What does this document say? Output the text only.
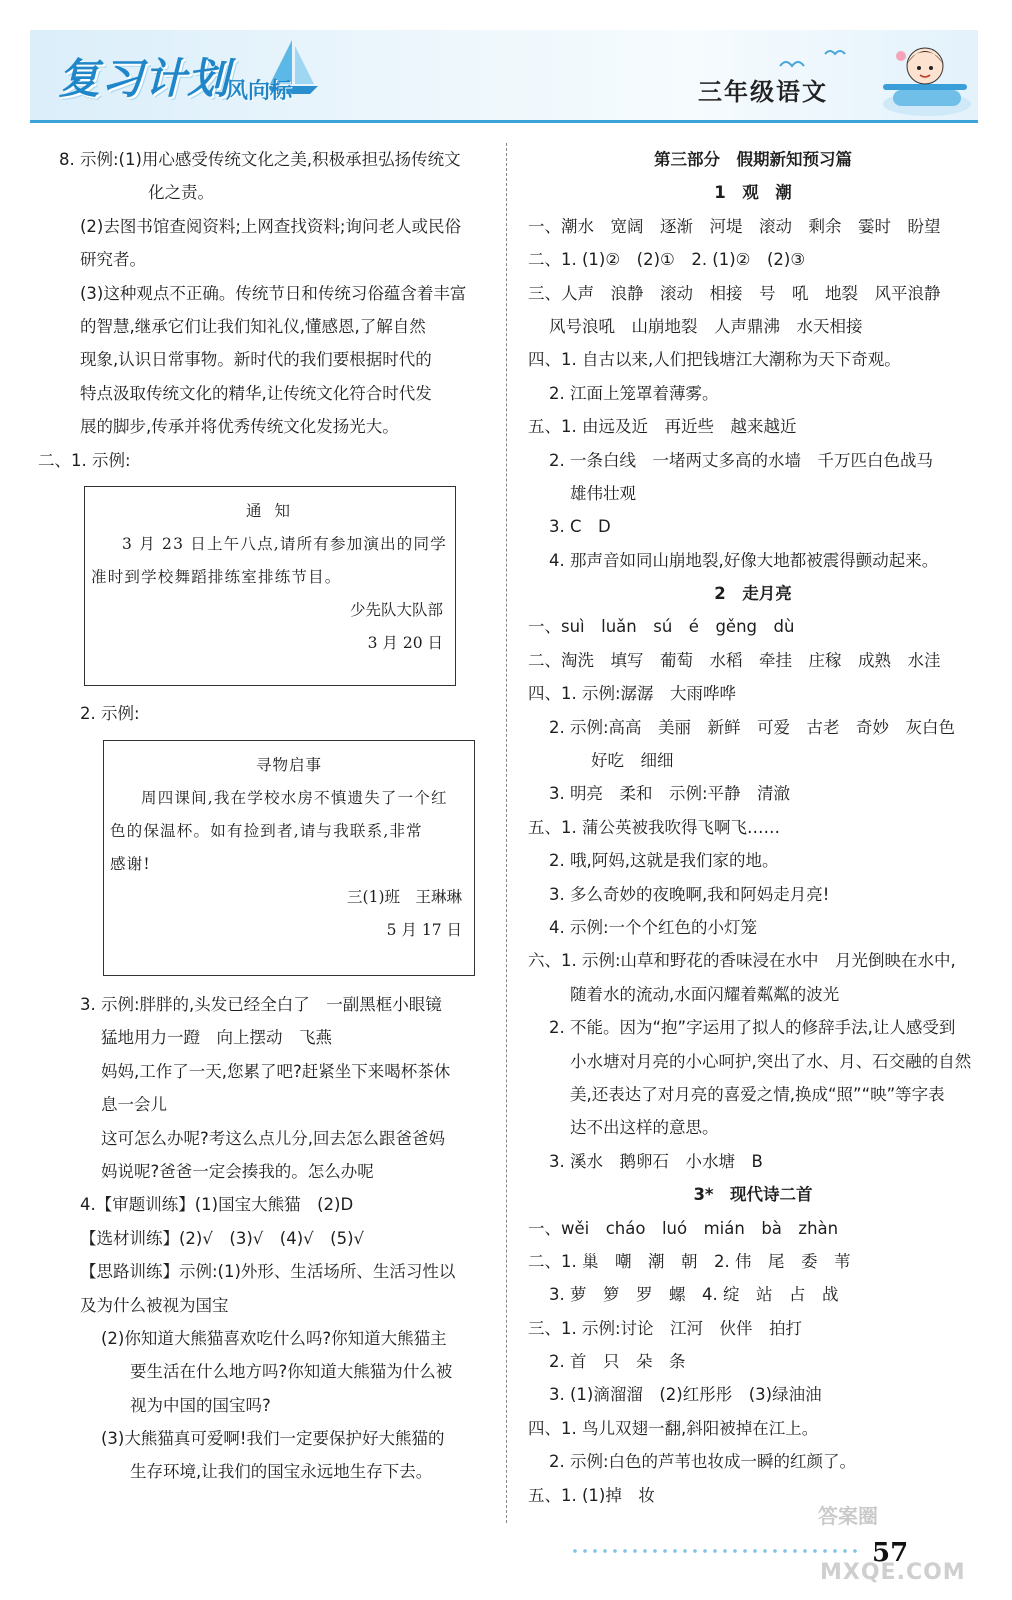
复习计划
风向标	三年级语文
8. 示例:(1)用心感受传统文化之美,积极承担弘扬传统文
化之责。
(2)去图书馆查阅资料;上网查找资料;询问老人或民俗
研究者。
(3)这种观点不正确。传统节日和传统习俗蕴含着丰富
的智慧,继承它们让我们知礼仪,懂感恩,了解自然
现象,认识日常事物。新时代的我们要根据时代的
特点汲取传统文化的精华,让传统文化符合时代发
展的脚步,传承并将优秀传统文化发扬光大。
二、1. 示例:
通 知
3 月 23 日上午八点,请所有参加演出的同学
准时到学校舞蹈排练室排练节目。
少先队大队部
3 月 20 日
2. 示例:
寻物启事
周四课间,我在学校水房不慎遗失了一个红
色的保温杯。如有捡到者,请与我联系,非常
感谢!
三(1)班　王琳琳
5 月 17 日
3. 示例:胖胖的,头发已经全白了　一副黑框小眼镜
猛地用力一蹬　向上摆动　飞燕
妈妈,工作了一天,您累了吧?赶紧坐下来喝杯茶休
息一会儿
这可怎么办呢?考这么点儿分,回去怎么跟爸爸妈
妈说呢?爸爸一定会揍我的。怎么办呢
4.【审题训练】(1)国宝大熊猫　(2)D
【选材训练】(2)√　(3)√　(4)√　(5)√
【思路训练】示例:(1)外形、生活场所、生活习性以
及为什么被视为国宝
(2)你知道大熊猫喜欢吃什么吗?你知道大熊猫主
要生活在什么地方吗?你知道大熊猫为什么被
视为中国的国宝吗?
(3)大熊猫真可爱啊!我们一定要保护好大熊猫的
生存环境,让我们的国宝永远地生存下去。
第三部分　假期新知预习篇
1　观　潮
一、潮水　宽阔　逐渐　河堤　滚动　剩余　霎时　盼望
二、1. (1)②　(2)①　2. (1)②　(2)③
三、人声　浪静　滚动　相接　号　吼　地裂　风平浪静
风号浪吼　山崩地裂　人声鼎沸　水天相接
四、1. 自古以来,人们把钱塘江大潮称为天下奇观。
2. 江面上笼罩着薄雾。
五、1. 由远及近　再近些　越来越近
2. 一条白线　一堵两丈多高的水墙　千万匹白色战马
雄伟壮观
3. C　D
4. 那声音如同山崩地裂,好像大地都被震得颤动起来。
2　走月亮
一、suì　luǎn　sú　é　gěng　dù
二、淘洗　填写　葡萄　水稻　牵挂　庄稼　成熟　水洼
四、1. 示例:潺潺　大雨哗哗
2. 示例:高高　美丽　新鲜　可爱　古老　奇妙　灰白色
好吃　细细
3. 明亮　柔和　示例:平静　清澈
五、1. 蒲公英被我吹得飞啊飞……
2. 哦,阿妈,这就是我们家的地。
3. 多么奇妙的夜晚啊,我和阿妈走月亮!
4. 示例:一个个红色的小灯笼
六、1. 示例:山草和野花的香味浸在水中　月光倒映在水中,
随着水的流动,水面闪耀着粼粼的波光
2. 不能。因为“抱”字运用了拟人的修辞手法,让人感受到
小水塘对月亮的小心呵护,突出了水、月、石交融的自然
美,还表达了对月亮的喜爱之情,换成“照”“映”等字表
达不出这样的意思。
3. 溪水　鹅卵石　小水塘　B
3*　现代诗二首
一、wěi　cháo　luó　mián　bà　zhàn
二、1. 巢　嘲　潮　朝　2. 伟　尾　委　苇
3. 萝　箩　罗　螺　4. 绽　站　占　战
三、1. 示例:讨论　江河　伙伴　拍打
2. 首　只　朵　条
3. (1)滴溜溜　(2)红彤彤　(3)绿油油
四、1. 鸟儿双翅一翻,斜阳被掉在江上。
2. 示例:白色的芦苇也妆成一瞬的红颜了。
五、1. (1)掉　妆
57
答案圈
MXQE.COM
